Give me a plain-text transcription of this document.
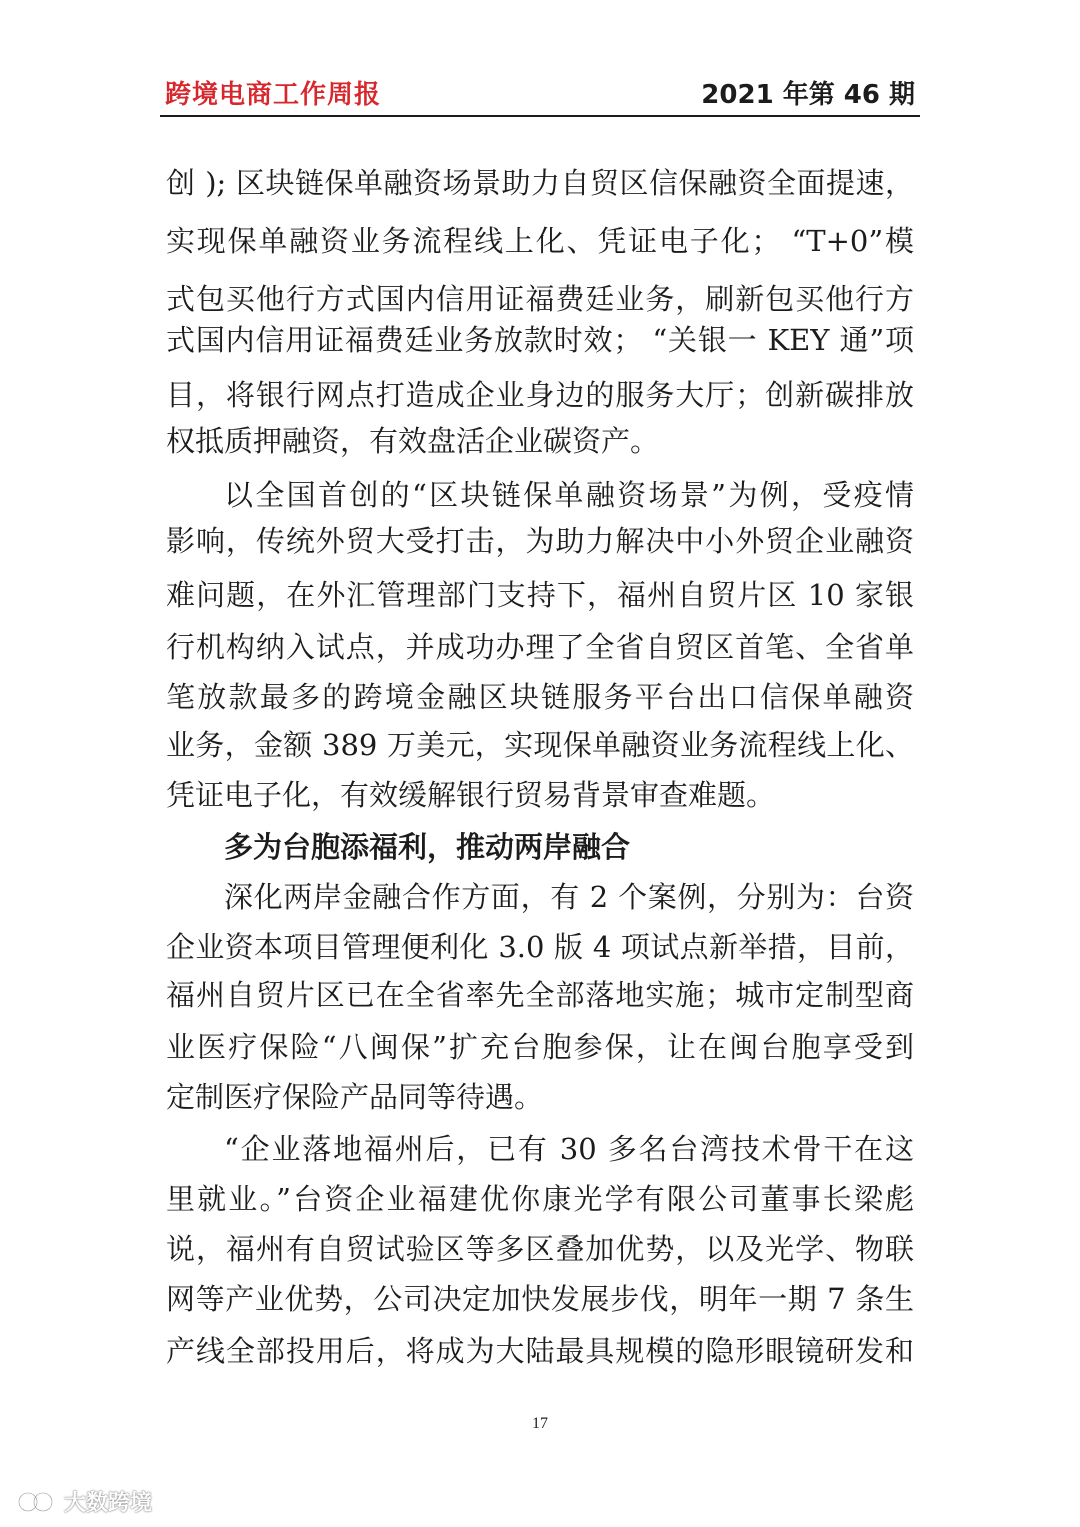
跨境电商工作周报	2021 年第 46 期
创 ); 区块链保单融资场景助力自贸区信保融资全面提速，
实现保单融资业务流程线上化、凭证电子化； “T+0”模
式包买他行方式国内信用证福费廷业务，刷新包买他行方
式国内信用证福费廷业务放款时效； “关银一 KEY 通”项
目，将银行网点打造成企业身边的服务大厅；创新碳排放
权抵质押融资，有效盘活企业碳资产。
以全国首创的“区块链保单融资场景”为例，受疫情
影响，传统外贸大受打击，为助力解决中小外贸企业融资
难问题，在外汇管理部门支持下，福州自贸片区 10 家银
行机构纳入试点，并成功办理了全省自贸区首笔、全省单
笔放款最多的跨境金融区块链服务平台出口信保单融资
业务，金额 389 万美元，实现保单融资业务流程线上化、
凭证电子化，有效缓解银行贸易背景审查难题。
多为台胞添福利，推动两岸融合
深化两岸金融合作方面，有 2 个案例，分别为：台资
企业资本项目管理便利化 3.0 版 4 项试点新举措，目前，
福州自贸片区已在全省率先全部落地实施；城市定制型商
业医疗保险“八闽保”扩充台胞参保，让在闽台胞享受到
定制医疗保险产品同等待遇。
“企业落地福州后，已有 30 多名台湾技术骨干在这
里就业。”台资企业福建优你康光学有限公司董事长梁彪
说，福州有自贸试验区等多区叠加优势，以及光学、物联
网等产业优势，公司决定加快发展步伐，明年一期 7 条生
产线全部投用后，将成为大陆最具规模的隐形眼镜研发和
17
大数跨境
